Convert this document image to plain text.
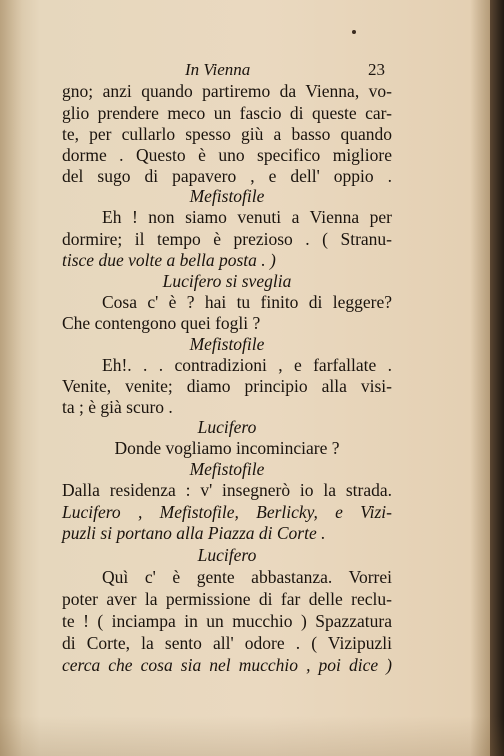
In Vienna	23
gno; anzi quando partiremo da Vienna, vo-
glio prendere meco un fascio di queste car-
te, per cullarlo spesso giù a basso quando
dorme . Questo è uno specifico migliore
del sugo di papavero , e dell' oppio .
Mefistofile
Eh ! non siamo venuti a Vienna per
dormire; il tempo è prezioso . ( Stranu-
tisce due volte a bella posta . )
Lucifero si sveglia
Cosa c' è ? hai tu finito di leggere?
Che contengono quei fogli ?
Mefistofile
Eh!. . . contradizioni , e farfallate .
Venite, venite; diamo principio alla visi-
ta ; è già scuro .
Lucifero
Donde vogliamo incominciare ?
Mefistofile
Dalla residenza : v' insegnerò io la strada.
Lucifero , Mefistofile, Berlicky, e Vizi-
puzli si portano alla Piazza di Corte .
Lucifero
Quì c' è gente abbastanza. Vorrei
poter aver la permissione di far delle reclu-
te ! ( inciampa in un mucchio ) Spazzatura
di Corte, la sento all' odore . ( Vizipuzli
cerca che cosa sia nel mucchio , poi dice )
